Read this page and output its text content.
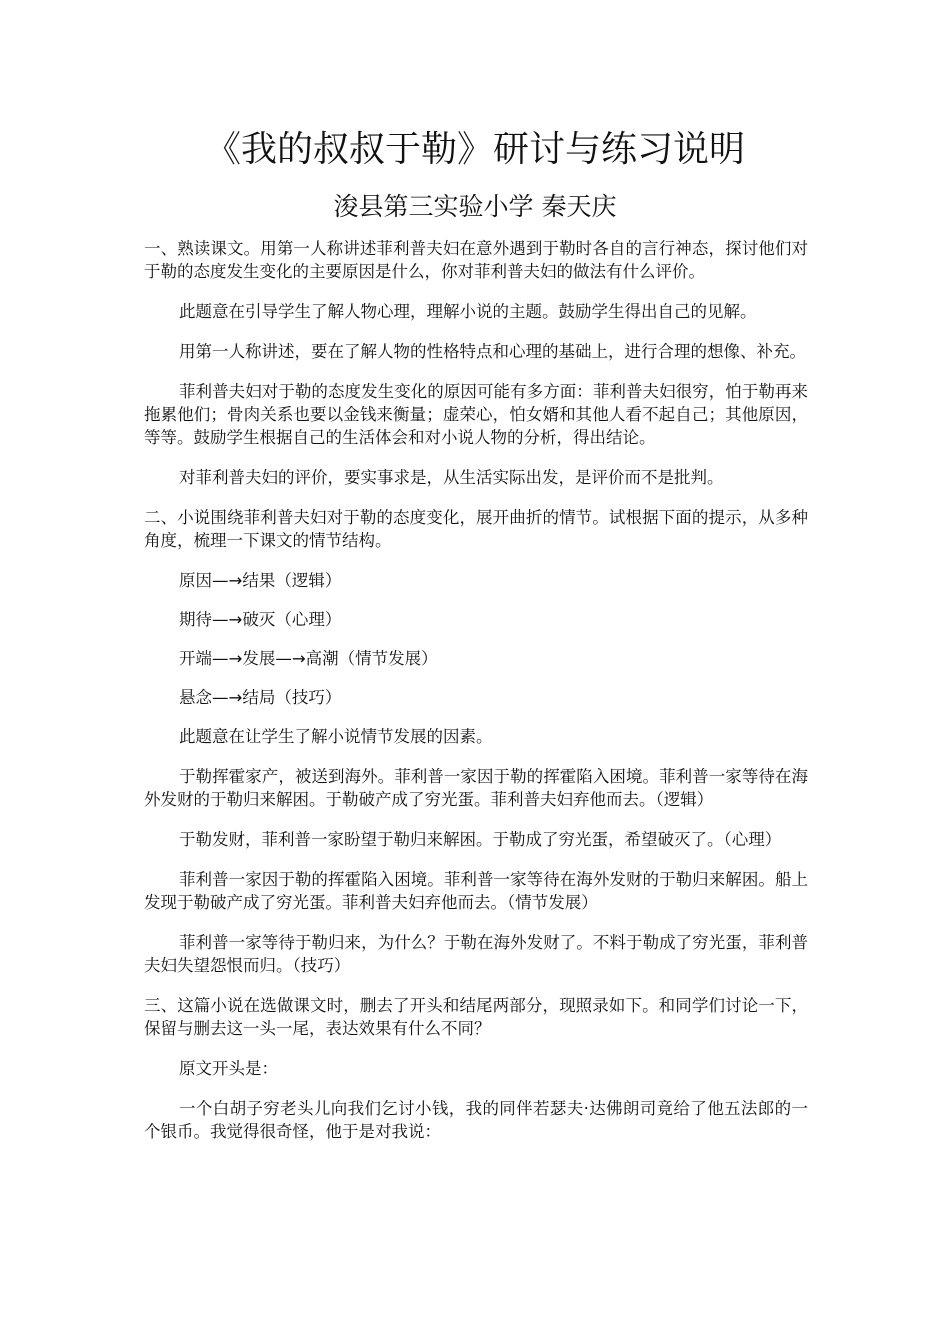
《我的叔叔于勒》研讨与练习说明
浚县第三实验小学 秦天庆

一、熟读课文。用第一人称讲述菲利普夫妇在意外遇到于勒时各自的言行神态，探讨他们对于勒的态度发生变化的主要原因是什么，你对菲利普夫妇的做法有什么评价。

此题意在引导学生了解人物心理，理解小说的主题。鼓励学生得出自己的见解。

用第一人称讲述，要在了解人物的性格特点和心理的基础上，进行合理的想像、补充。

菲利普夫妇对于勒的态度发生变化的原因可能有多方面：菲利普夫妇很穷，怕于勒再来拖累他们；骨肉关系也要以金钱来衡量；虚荣心，怕女婿和其他人看不起自己；其他原因，等等。鼓励学生根据自己的生活体会和对小说人物的分析，得出结论。

对菲利普夫妇的评价，要实事求是，从生活实际出发，是评价而不是批判。

二、小说围绕菲利普夫妇对于勒的态度变化，展开曲折的情节。试根据下面的提示，从多种角度，梳理一下课文的情节结构。

原因—→结果（逻辑）

期待—→破灭（心理）

开端—→发展—→高潮（情节发展）

悬念—→结局（技巧）

此题意在让学生了解小说情节发展的因素。

于勒挥霍家产，被送到海外。菲利普一家因于勒的挥霍陷入困境。菲利普一家等待在海外发财的于勒归来解困。于勒破产成了穷光蛋。菲利普夫妇弃他而去。（逻辑）

于勒发财，菲利普一家盼望于勒归来解困。于勒成了穷光蛋，希望破灭了。（心理）

菲利普一家因于勒的挥霍陷入困境。菲利普一家等待在海外发财的于勒归来解困。船上发现于勒破产成了穷光蛋。菲利普夫妇弃他而去。（情节发展）

菲利普一家等待于勒归来，为什么？于勒在海外发财了。不料于勒成了穷光蛋，菲利普夫妇失望怨恨而归。（技巧）

三、这篇小说在选做课文时，删去了开头和结尾两部分，现照录如下。和同学们讨论一下，保留与删去这一头一尾，表达效果有什么不同？

原文开头是：

一个白胡子穷老头儿向我们乞讨小钱，我的同伴若瑟夫·达佛朗司竟给了他五法郎的一个银币。我觉得很奇怪，他于是对我说：
